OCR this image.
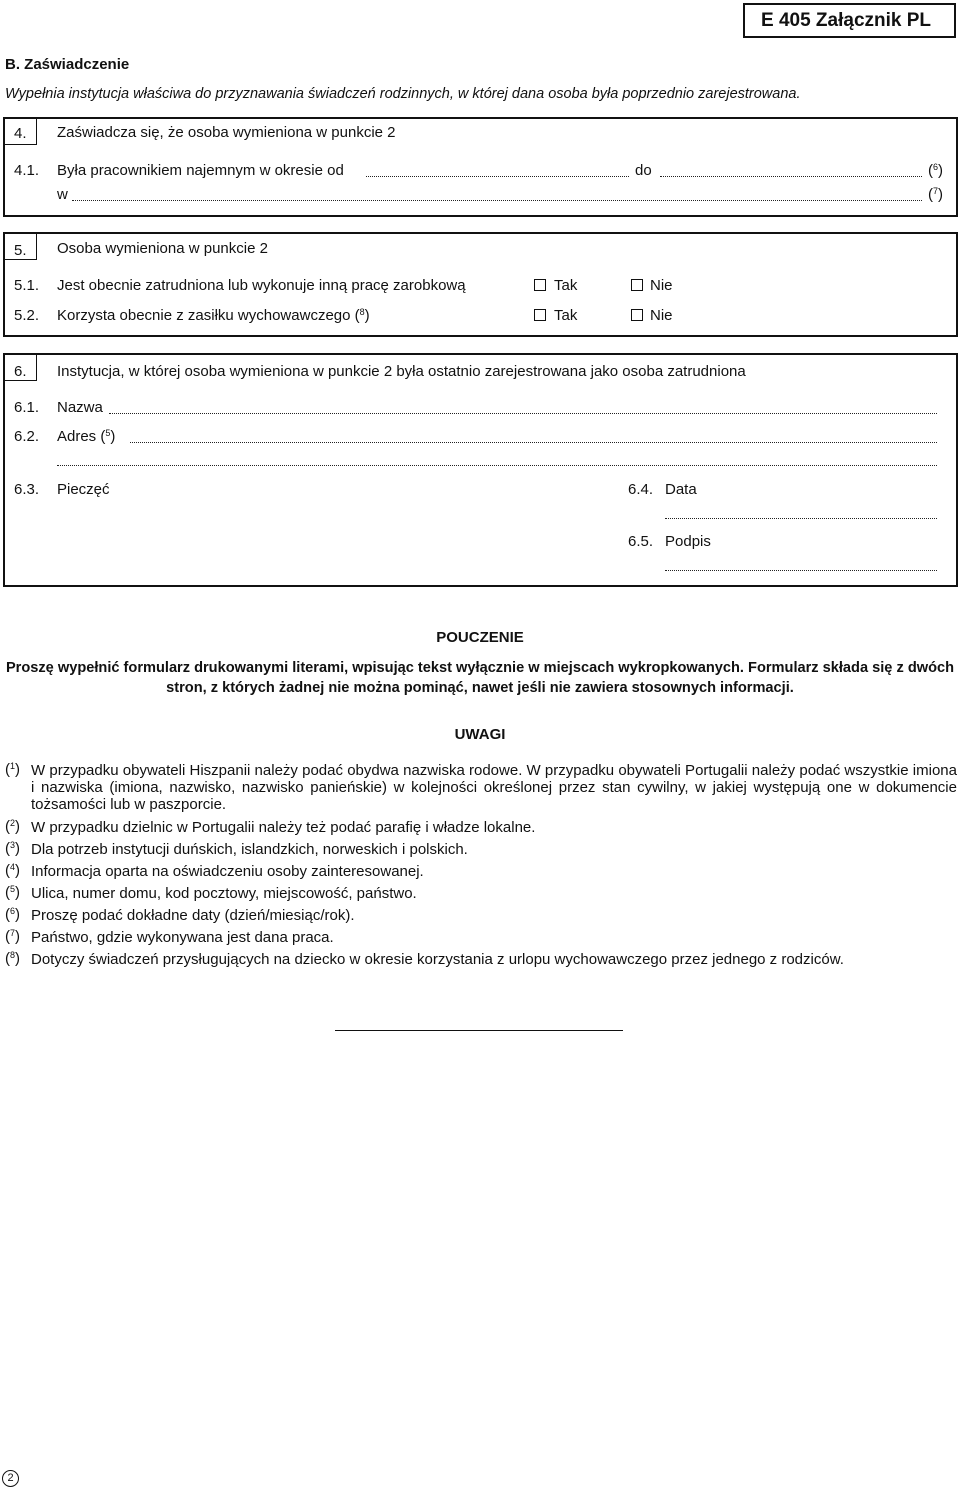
E 405 Załącznik PL
B. Zaświadczenie
Wypełnia instytucja właściwa do przyznawania świadczeń rodzinnych, w której dana osoba była poprzednio zarejestrowana.
4. Zaświadcza się, że osoba wymieniona w punkcie 2
4.1. Była pracownikiem najemnym w okresie od	do	($^6$)
w	($^7$)
5. Osoba wymieniona w punkcie 2
5.1. Jest obecnie zatrudniona lub wykonuje inną pracę zarobkową	Tak	Nie
5.2. Korzysta obecnie z zasiłku wychowawczego ($^8$)	Tak	Nie
6. Instytucja, w której osoba wymieniona w punkcie 2 była ostatnio zarejestrowana jako osoba zatrudniona
6.1. Nazwa
6.2. Adres ($^5$)
6.3. Pieczęć	6.4. Data
6.5. Podpis
POUCZENIE
Proszę wypełnić formularz drukowanymi literami, wpisując tekst wyłącznie w miejscach wykropkowanych. Formularz składa się z dwóch stron, z których żadnej nie można pominąć, nawet jeśli nie zawiera stosownych informacji.
UWAGI
($^1$) W przypadku obywateli Hiszpanii należy podać obydwa nazwiska rodowe. W przypadku obywateli Portugalii należy podać wszystkie imiona i nazwiska (imiona, nazwisko, nazwisko panieńskie) w kolejności określonej przez stan cywilny, w jakiej występują one w dokumencie tożsamości lub w paszporcie.
($^2$) W przypadku dzielnic w Portugalii należy też podać parafię i władze lokalne.
($^3$) Dla potrzeb instytucji duńskich, islandzkich, norweskich i polskich.
($^4$) Informacja oparta na oświadczeniu osoby zainteresowanej.
($^5$) Ulica, numer domu, kod pocztowy, miejscowość, państwo.
($^6$) Proszę podać dokładne daty (dzień/miesiąc/rok).
($^7$) Państwo, gdzie wykonywana jest dana praca.
($^8$) Dotyczy świadczeń przysługujących na dziecko w okresie korzystania z urlopu wychowawczego przez jednego z rodziców.
2
